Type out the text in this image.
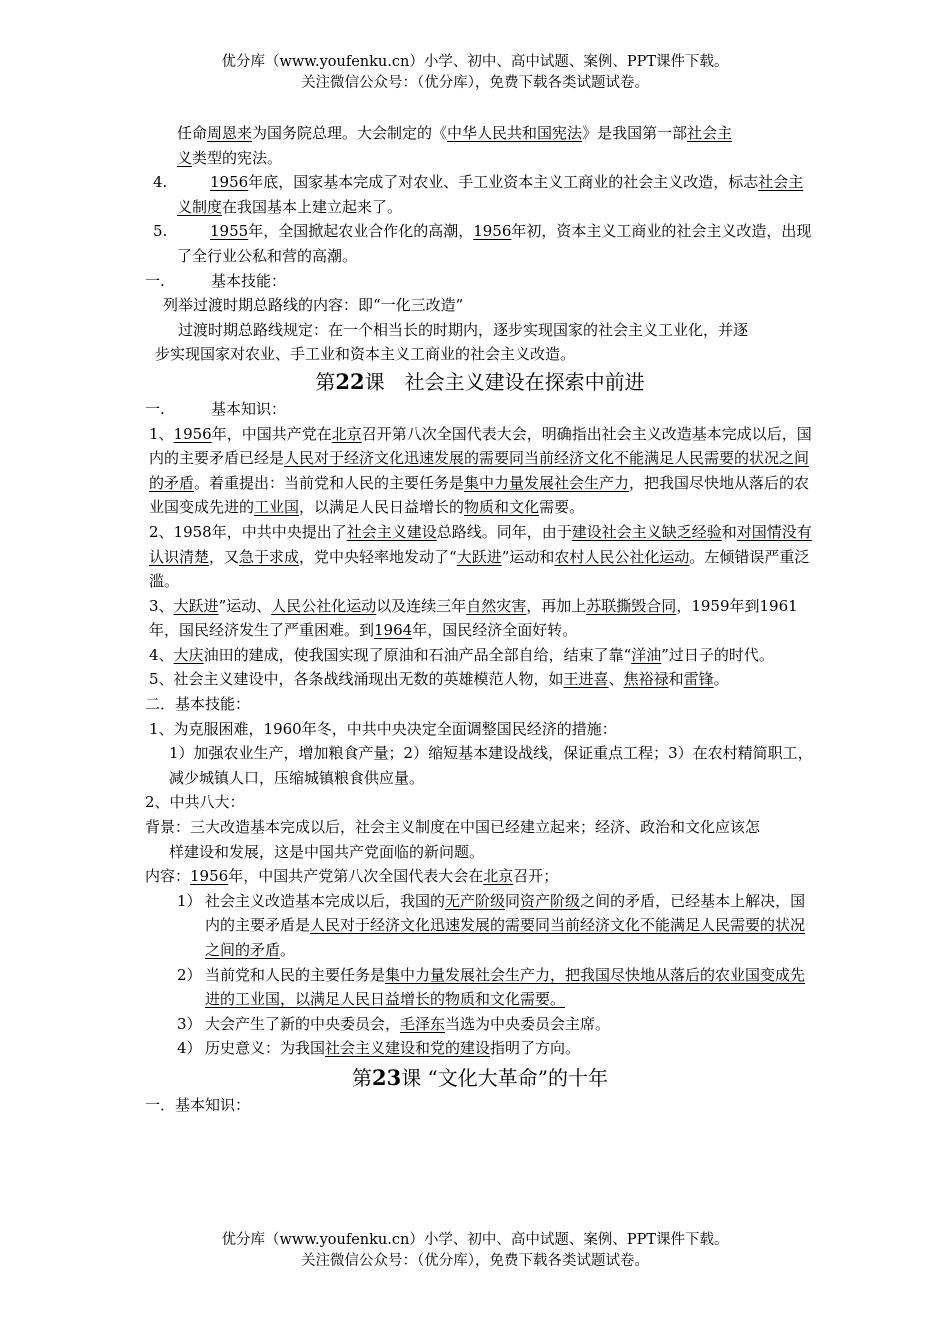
优分库（www.youfenku.cn）小学、初中、高中试题、案例、PPT课件下载。
关注微信公众号：（优分库），免费下载各类试题试卷。

任命周恩来为国务院总理。大会制定的《中华人民共和国宪法》是我国第一部社会主
义类型的宪法。

4.	1956年底，国家基本完成了对农业、手工业资本主义工商业的社会主义改造，标志社会主义制度在我国基本上建立起来了。
5.	1955年，全国掀起农业合作化的高潮，1956年初，资本主义工商业的社会主义改造，出现了全行业公私和营的高潮。
一.	基本技能：

列举过渡时期总路线的内容：即“一化三改造”

过渡时期总路线规定：在一个相当长的时期内，逐步实现国家的社会主义工业化，并逐

步实现国家对农业、手工业和资本主义工商业的社会主义改造。

第22课　社会主义建设在探索中前进

一.	基本知识：

1、1956年，中国共产党在北京召开第八次全国代表大会，明确指出社会主义改造基本完成以后，国内的主要矛盾已经是人民对于经济文化迅速发展的需要同当前经济文化不能满足人民需要的状况之间的矛盾。着重提出：当前党和人民的主要任务是集中力量发展社会生产力，把我国尽快地从落后的农业国变成先进的工业国，以满足人民日益增长的物质和文化需要。

2、1958年，中共中央提出了社会主义建设总路线。同年，由于建设社会主义缺乏经验和对国情没有认识清楚，又急于求成，党中央轻率地发动了“大跃进”运动和农村人民公社化运动。左倾错误严重泛滥。

3、大跃进”运动、人民公社化运动以及连续三年自然灾害，再加上苏联撕毁合同，1959年到1961年，国民经济发生了严重困难。到1964年，国民经济全面好转。

4、大庆油田的建成，使我国实现了原油和石油产品全部自给，结束了靠“洋油”过日子的时代。

5、社会主义建设中，各条战线涌现出无数的英雄模范人物，如王进喜、焦裕禄和雷锋。

二．基本技能：

1、为克服困难，1960年冬，中共中央决定全面调整国民经济的措施：

1）加强农业生产，增加粮食产量；2）缩短基本建设战线，保证重点工程；3）在农村精简职工，减少城镇人口，压缩城镇粮食供应量。

2、中共八大：

背景：三大改造基本完成以后，社会主义制度在中国已经建立起来；经济、政治和文化应该怎

样建设和发展，这是中国共产党面临的新问题。

内容：1956年，中国共产党第八次全国代表大会在北京召开；

1） 社会主义改造基本完成以后，我国的无产阶级同资产阶级之间的矛盾，已经基本上解决，国内的主要矛盾是人民对于经济文化迅速发展的需要同当前经济文化不能满足人民需要的状况之间的矛盾。
2） 当前党和人民的主要任务是集中力量发展社会生产力，把我国尽快地从落后的农业国变成先进的工业国，以满足人民日益增长的物质和文化需要。
3） 大会产生了新的中央委员会，毛泽东当选为中央委员会主席。
4） 历史意义：为我国社会主义建设和党的建设指明了方向。

第23课 “文化大革命”的十年

一．基本知识：

优分库（www.youfenku.cn）小学、初中、高中试题、案例、PPT课件下载。
关注微信公众号：（优分库），免费下载各类试题试卷。
